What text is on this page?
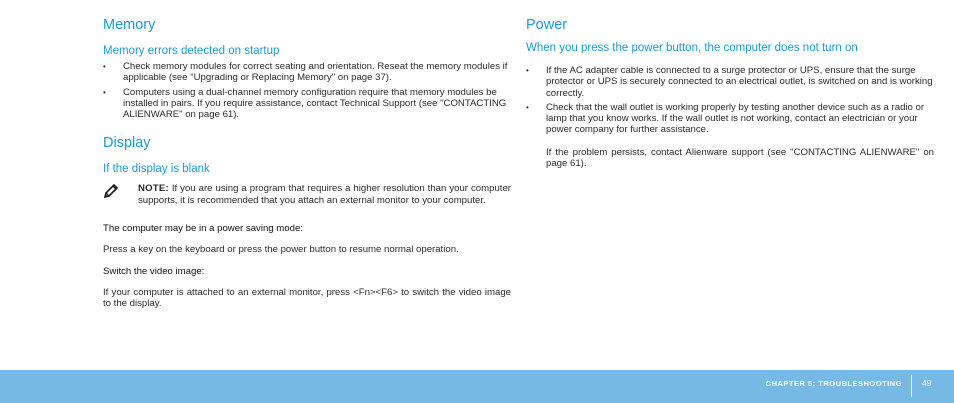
Memory
Memory errors detected on startup
• Check memory modules for correct seating and orientation. Reseat the memory modules if applicable (see "Upgrading or Replacing Memory" on page 37).
• Computers using a dual-channel memory configuration require that memory modules be installed in pairs. If you require assistance, contact Technical Support (see "CONTACTING ALIENWARE" on page 61).
Display
If the display is blank

NOTE: If you are using a program that requires a higher resolution than your computer supports, it is recommended that you attach an external monitor to your computer.

The computer may be in a power saving mode:

Press a key on the keyboard or press the power button to resume normal operation.

Switch the video image:

If your computer is attached to an external monitor, press <Fn><F6> to switch the video image to the display.

Power
When you press the power button, the computer does not turn on
• If the AC adapter cable is connected to a surge protector or UPS, ensure that the surge protector or UPS is securely connected to an electrical outlet, is switched on and is working correctly.
• Check that the wall outlet is working properly by testing another device such as a radio or lamp that you know works. If the wall outlet is not working, contact an electrician or your power company for further assistance.

If the problem persists, contact Alienware support (see "CONTACTING ALIENWARE" on page 61).

CHAPTER 5: TROUBLESHOOTING 49
